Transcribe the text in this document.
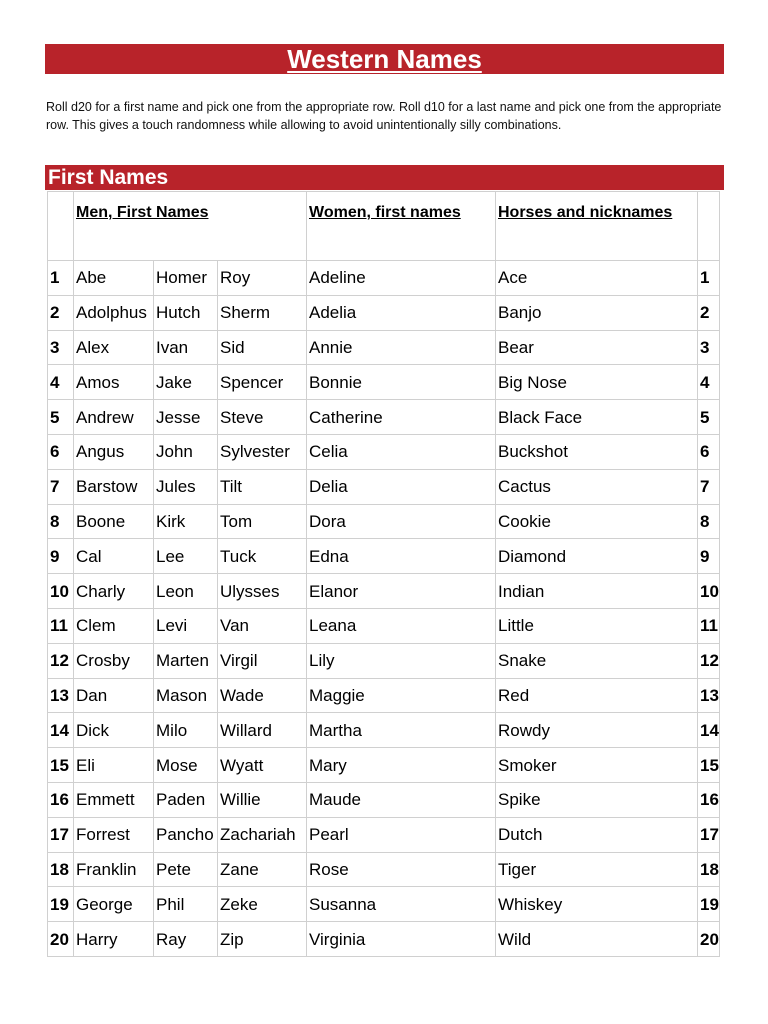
Western Names
Roll d20 for a first name and pick one from the appropriate row. Roll d10 for a last name and pick one from the appropriate row. This gives a touch randomness while allowing to avoid unintentionally silly combinations.
First Names
	Men, First Names			Women, first names	Horses and nicknames	
1	Abe	Homer	Roy	Adeline	Ace	1
2	Adolphus	Hutch	Sherm	Adelia	Banjo	2
3	Alex	Ivan	Sid	Annie	Bear	3
4	Amos	Jake	Spencer	Bonnie	Big Nose	4
5	Andrew	Jesse	Steve	Catherine	Black Face	5
6	Angus	John	Sylvester	Celia	Buckshot	6
7	Barstow	Jules	Tilt	Delia	Cactus	7
8	Boone	Kirk	Tom	Dora	Cookie	8
9	Cal	Lee	Tuck	Edna	Diamond	9
10	Charly	Leon	Ulysses	Elanor	Indian	10
11	Clem	Levi	Van	Leana	Little	11
12	Crosby	Marten	Virgil	Lily	Snake	12
13	Dan	Mason	Wade	Maggie	Red	13
14	Dick	Milo	Willard	Martha	Rowdy	14
15	Eli	Mose	Wyatt	Mary	Smoker	15
16	Emmett	Paden	Willie	Maude	Spike	16
17	Forrest	Pancho	Zachariah	Pearl	Dutch	17
18	Franklin	Pete	Zane	Rose	Tiger	18
19	George	Phil	Zeke	Susanna	Whiskey	19
20	Harry	Ray	Zip	Virginia	Wild	20
